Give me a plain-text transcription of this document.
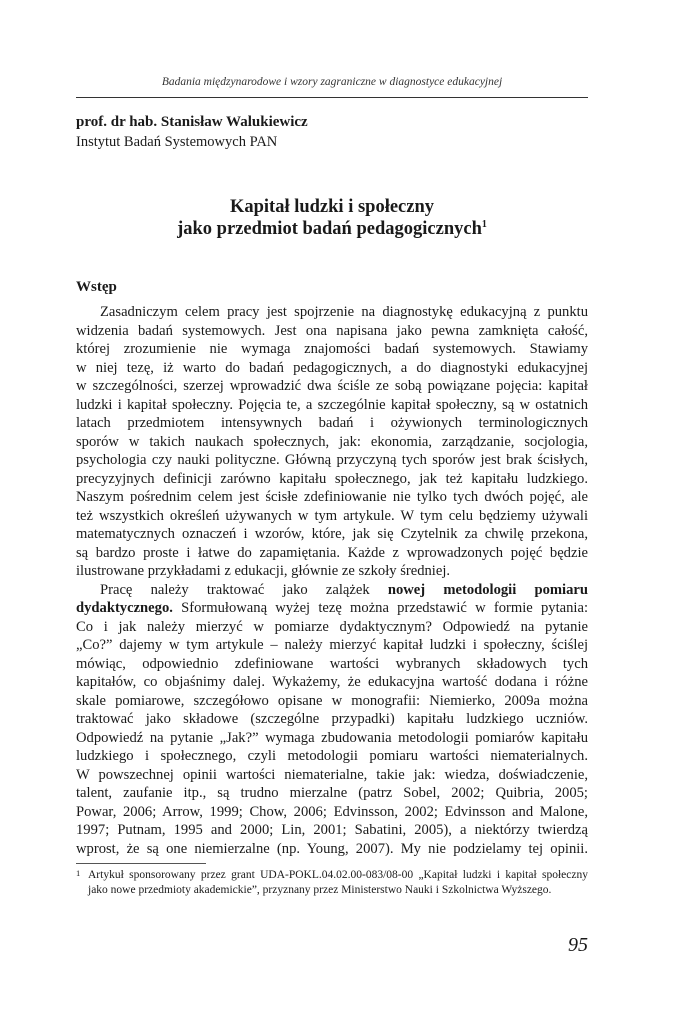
Badania międzynarodowe i wzory zagraniczne w diagnostyce edukacyjnej
prof. dr hab. Stanisław Walukiewicz
Instytut Badań Systemowych PAN
Kapitał ludzki i społeczny
jako przedmiot badań pedagogicznych$^1$
Wstęp
Zasadniczym celem pracy jest spojrzenie na diagnostykę edukacyjną z punktu
widzenia badań systemowych. Jest ona napisana jako pewna zamknięta całość,
której zrozumienie nie wymaga znajomości badań systemowych. Stawiamy
w niej tezę, iż warto do badań pedagogicznych, a do diagnostyki edukacyjnej
w szczególności, szerzej wprowadzić dwa ściśle ze sobą powiązane pojęcia: kapitał
ludzki i kapitał społeczny. Pojęcia te, a szczególnie kapitał społeczny, są w ostatnich
latach przedmiotem intensywnych badań i ożywionych terminologicznych
sporów w takich naukach społecznych, jak: ekonomia, zarządzanie, socjologia,
psychologia czy nauki polityczne. Główną przyczyną tych sporów jest brak ścisłych,
precyzyjnych definicji zarówno kapitału społecznego, jak też kapitału ludzkiego.
Naszym pośrednim celem jest ścisłe zdefiniowanie nie tylko tych dwóch pojęć, ale
też wszystkich określeń używanych w tym artykule. W tym celu będziemy używali
matematycznych oznaczeń i wzorów, które, jak się Czytelnik za chwilę przekona,
są bardzo proste i łatwe do zapamiętania. Każde z wprowadzonych pojęć będzie
ilustrowane przykładami z edukacji, głównie ze szkoły średniej.
Pracę należy traktować jako zalążek nowej metodologii pomiaru
dydaktycznego. Sformułowaną wyżej tezę można przedstawić w formie pytania:
Co i jak należy mierzyć w pomiarze dydaktycznym? Odpowiedź na pytanie
„Co?” dajemy w tym artykule – należy mierzyć kapitał ludzki i społeczny, ściślej
mówiąc, odpowiednio zdefiniowane wartości wybranych składowych tych
kapitałów, co objaśnimy dalej. Wykażemy, że edukacyjna wartość dodana i różne
skale pomiarowe, szczegółowo opisane w monografii: Niemierko, 2009a można
traktować jako składowe (szczególne przypadki) kapitału ludzkiego uczniów.
Odpowiedź na pytanie „Jak?” wymaga zbudowania metodologii pomiarów kapitału
ludzkiego i społecznego, czyli metodologii pomiaru wartości niematerialnych.
W powszechnej opinii wartości niematerialne, takie jak: wiedza, doświadczenie,
talent, zaufanie itp., są trudno mierzalne (patrz Sobel, 2002; Quibria, 2005;
Powar, 2006; Arrow, 1999; Chow, 2006; Edvinsson, 2002; Edvinsson and Malone,
1997; Putnam, 1995 and 2000; Lin, 2001; Sabatini, 2005), a niektórzy twierdzą
wprost, że są one niemierzalne (np. Young, 2007). My nie podzielamy tej opinii.
1 Artykuł sponsorowany przez grant UDA-POKL.04.02.00-083/08-00 „Kapitał ludzki i kapitał społeczny jako nowe przedmioty akademickie”, przyznany przez Ministerstwo Nauki i Szkolnictwa Wyższego.
95
